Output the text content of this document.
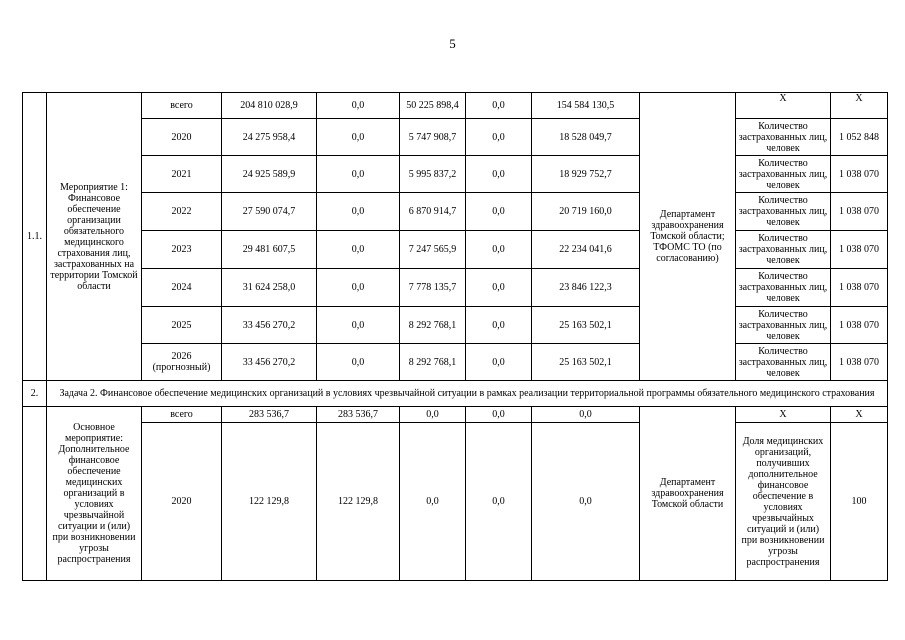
5
1.1.	Мероприятие 1: Финансовое обеспечение организации обязательного медицинского страхования лиц, застрахованных на территории Томской области	всего	204 810 028,9	0,0	50 225 898,4	0,0	154 584 130,5	Департамент здравоохранения Томской области; ТФОМС ТО (по согласованию)	Х	Х
		2020	24 275 958,4	0,0	5 747 908,7	0,0	18 528 049,7		Количество застрахованных лиц, человек	1 052 848
		2021	24 925 589,9	0,0	5 995 837,2	0,0	18 929 752,7		Количество застрахованных лиц, человек	1 038 070
		2022	27 590 074,7	0,0	6 870 914,7	0,0	20 719 160,0		Количество застрахованных лиц, человек	1 038 070
		2023	29 481 607,5	0,0	7 247 565,9	0,0	22 234 041,6		Количество застрахованных лиц, человек	1 038 070
		2024	31 624 258,0	0,0	7 778 135,7	0,0	23 846 122,3		Количество застрахованных лиц, человек	1 038 070
		2025	33 456 270,2	0,0	8 292 768,1	0,0	25 163 502,1		Количество застрахованных лиц, человек	1 038 070
		2026 (прогнозный)	33 456 270,2	0,0	8 292 768,1	0,0	25 163 502,1		Количество застрахованных лиц, человек	1 038 070
2.	Задача 2. Финансовое обеспечение медицинских организаций в условиях чрезвычайной ситуации в рамках реализации территориальной программы обязательного медицинского страхования									
	Основное мероприятие: Дополнительное финансовое обеспечение медицинских организаций в условиях чрезвычайной ситуации и (или) при возникновении угрозы распространения	всего	283 536,7	283 536,7	0,0	0,0	0,0	Департамент здравоохранения Томской области	Х	Х
		2020	122 129,8	122 129,8	0,0	0,0	0,0		Доля медицинских организаций, получивших дополнительное финансовое обеспечение в условиях чрезвычайных ситуаций и (или) при возникновении угрозы распространения	100
